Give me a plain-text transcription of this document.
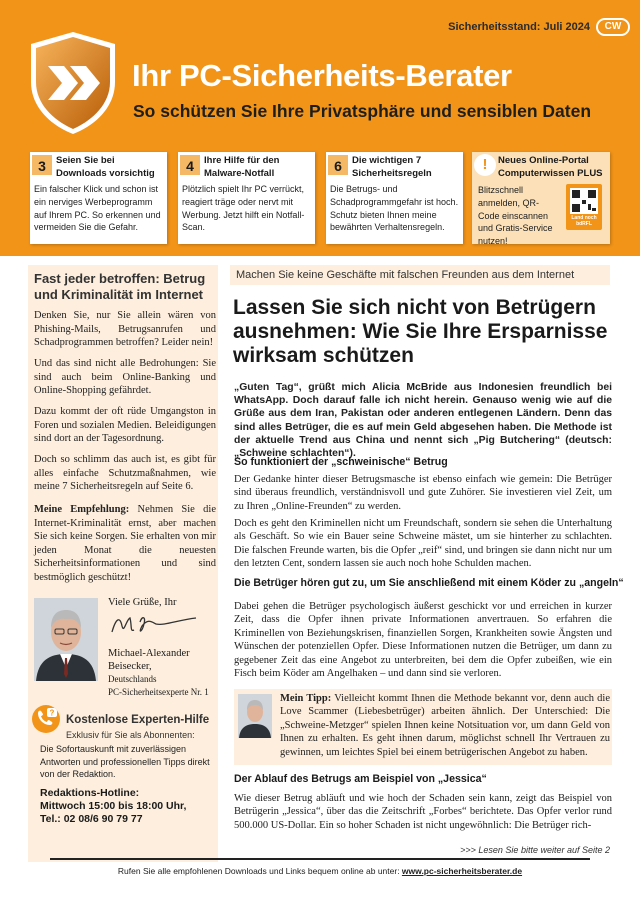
Sicherheitsstand: Juli 2024	CW
Ihr PC-Sicherheits-Berater
So schützen Sie Ihre Privatsphäre und sensiblen Daten
3	Seien Sie bei Downloads vorsichtig
Ein falscher Klick und schon ist ein nerviges Werbeprogramm auf Ihrem PC. So erkennen und vermeiden Sie die Gefahr.
4	Ihre Hilfe für den Malware-Notfall
Plötzlich spielt Ihr PC verrückt, reagiert träge oder nervt mit Werbung. Jetzt hilft ein Notfall-Scan.
6	Die wichtigen 7 Sicherheitsregeln
Die Betrugs- und Schadprogrammgefahr ist hoch. Schutz bieten Ihnen meine bewährten Verhaltensregeln.
!	Neues Online-Portal Computerwissen PLUS
Blitzschnell anmelden, QR-Code einscannen und Gratis-Service nutzen!
Land noch bdRFL
Fast jeder betroffen: Betrug und Kriminalität im Internet

Denken Sie, nur Sie allein wären von Phishing-Mails, Betrugsanrufen und Schadprogrammen betroffen? Leider nein!

Und das sind nicht alle Bedrohungen: Sie sind auch beim Online-Banking und Online-Shopping gefährdet.

Dazu kommt der oft rüde Umgangston in Foren und sozialen Medien. Beleidigungen sind dort an der Tagesordnung.

Doch so schlimm das auch ist, es gibt für alles einfache Schutzmaßnahmen, wie meine 7 Sicherheitsregeln auf Seite 6.

Meine Empfehlung: Nehmen Sie die Internet-Kriminalität ernst, aber machen Sie sich keine Sorgen. Sie erhalten von mir jeden Monat die neuesten Sicherheitsinformationen und sind bestmöglich geschützt!

Viele Grüße, Ihr
Michael-Alexander
Beisecker,
Deutschlands
PC-Sicherheitsexperte Nr. 1
?
Kostenlose Experten-Hilfe
Exklusiv für Sie als Abonnenten:
Die Sofortauskunft mit zuverlässigen Antworten und professionellen Tipps direkt von der Redaktion.
Redaktions-Hotline:
Mittwoch 15:00 bis 18:00 Uhr,
Tel.: 02 08/6 90 79 77
Machen Sie keine Geschäfte mit falschen Freunden aus dem Internet
Lassen Sie sich nicht von Betrügern ausnehmen: Wie Sie Ihre Ersparnisse wirksam schützen

„Guten Tag“, grüßt mich Alicia McBride aus Indonesien freundlich bei WhatsApp. Doch darauf falle ich nicht herein. Genauso wenig wie auf die Grüße aus dem Iran, Pakistan oder anderen entlegenen Ländern. Denn das sind alles Betrüger, die es auf mein Geld abgesehen haben. Die Methode ist der aktuelle Trend aus China und nennt sich „Pig Butchering“ (deutsch: „Schweine schlachten“).

So funktioniert der „schweinische“ Betrug

Der Gedanke hinter dieser Betrugsmasche ist ebenso einfach wie gemein: Die Betrüger sind überaus freundlich, verständnisvoll und gute Zuhörer. Sie investieren viel Zeit, um zu Ihren „Online-Freunden“ zu werden.

Doch es geht den Kriminellen nicht um Freundschaft, sondern sie sehen die Unterhaltung als Geschäft. So wie ein Bauer seine Schweine mästet, um sie hinterher zu schlachten. Die falschen Freunde warten, bis die Opfer „reif“ sind, und bringen sie dann nicht nur um den letzten Cent, sondern lassen sie auch noch hohe Schulden machen.

Die Betrüger hören gut zu, um Sie anschließend mit einem Köder zu „angeln“

Dabei gehen die Betrüger psychologisch äußerst geschickt vor und erreichen in kurzer Zeit, dass die Opfer ihnen private Informationen anvertrauen. So erfahren die Kriminellen von Beziehungskrisen, finanziellen Sorgen, Krankheiten sowie Ängsten und Wünschen der potenziellen Opfer. Diese Informationen nutzen die Betrüger, um dann zu gegebener Zeit das eine Angebot zu unterbreiten, bei dem die Opfer zubeißen, wie ein Fisch beim Köder am Angelhaken – und dann sind sie verloren.

Mein Tipp: Vielleicht kommt Ihnen die Methode bekannt vor, denn auch die Love Scammer (Liebesbetrüger) arbeiten ähnlich. Der Unterschied: Die „Schweine-Metzger“ spielen Ihnen keine Notsituation vor, um dann Geld von Ihnen zu erhalten. Es geht ihnen darum, möglichst schnell Ihr Vertrauen zu gewinnen, um leichtes Spiel bei einem betrügerischen Angebot zu haben.

Der Ablauf des Betrugs am Beispiel von „Jessica“

Wie dieser Betrug abläuft und wie hoch der Schaden sein kann, zeigt das Beispiel von Betrügerin „Jessica“, über das die Zeitschrift „Forbes“ berichtete. Das Opfer verlor rund 500.000 US-Dollar. Ein so hoher Schaden ist nicht ungewöhnlich: Die Betrüger rich-

>>> Lesen Sie bitte weiter auf Seite 2
Rufen Sie alle empfohlenen Downloads und Links bequem online ab unter: www.pc-sicherheitsberater.de
